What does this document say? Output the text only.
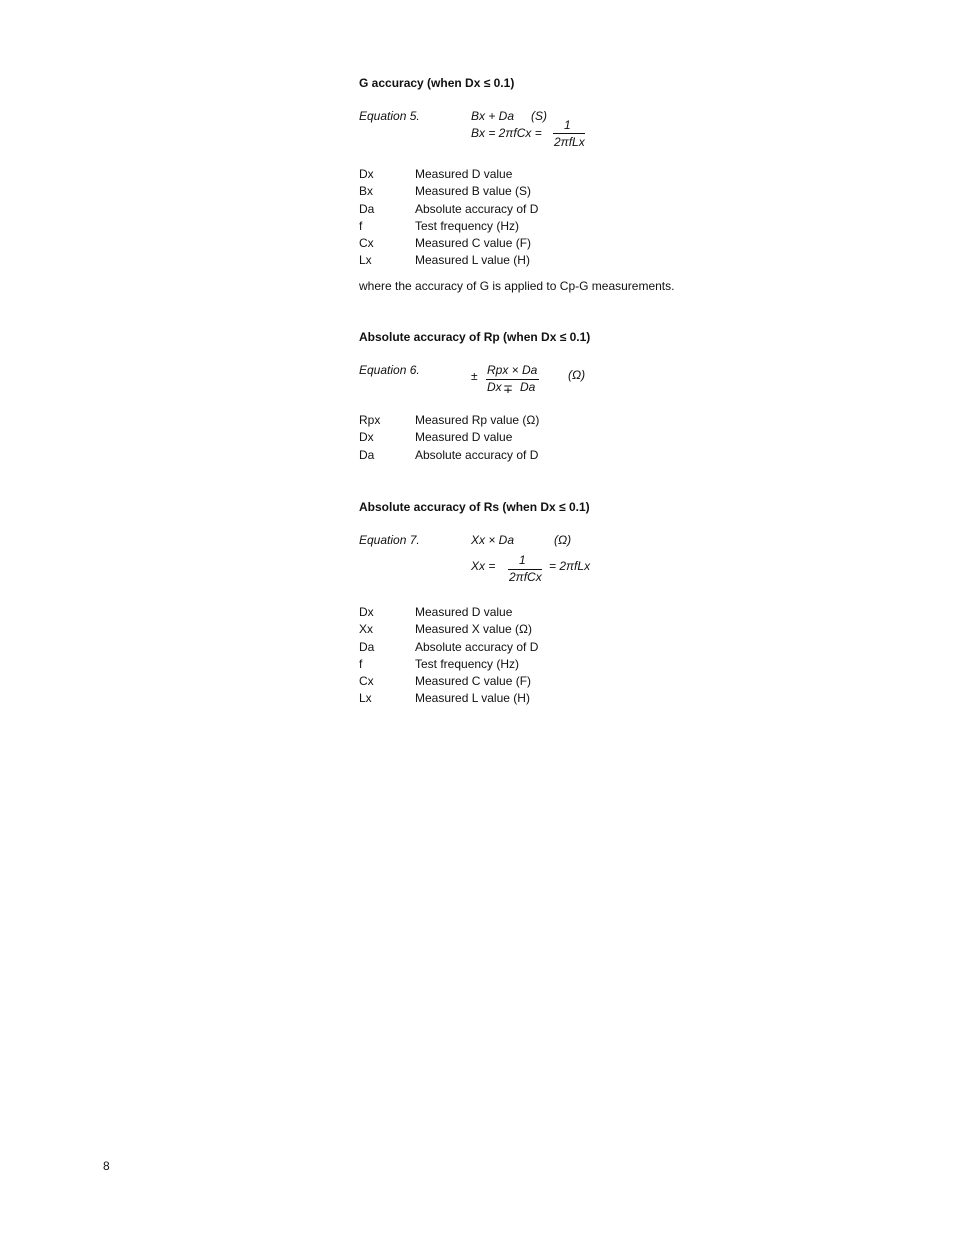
G accuracy (when Dx ≤ 0.1)
Equation 5.	Bx + Da (S)
Bx = 2πfCx =
1
2πfLx
Dx	Measured D value
Bx	Measured B value (S)
Da	Absolute accuracy of D
f	Test frequency (Hz)
Cx	Measured C value (F)
Lx	Measured L value (H)
where the accuracy of G is applied to Cp-G measurements.
Absolute accuracy of Rp (when Dx ≤ 0.1)
Equation 6.	± Rpx × Da
Dx ∓ Da
(Ω)
Rpx	Measured Rp value (Ω)
Dx	Measured D value
Da	Absolute accuracy of D
Absolute accuracy of Rs (when Dx ≤ 0.1)
Equation 7.	Xx × Da	(Ω)
Xx = 1
2πfCx
= 2πfLx
Dx	Measured D value
Xx	Measured X value (Ω)
Da	Absolute accuracy of D
f	Test frequency (Hz)
Cx	Measured C value (F)
Lx	Measured L value (H)
8
